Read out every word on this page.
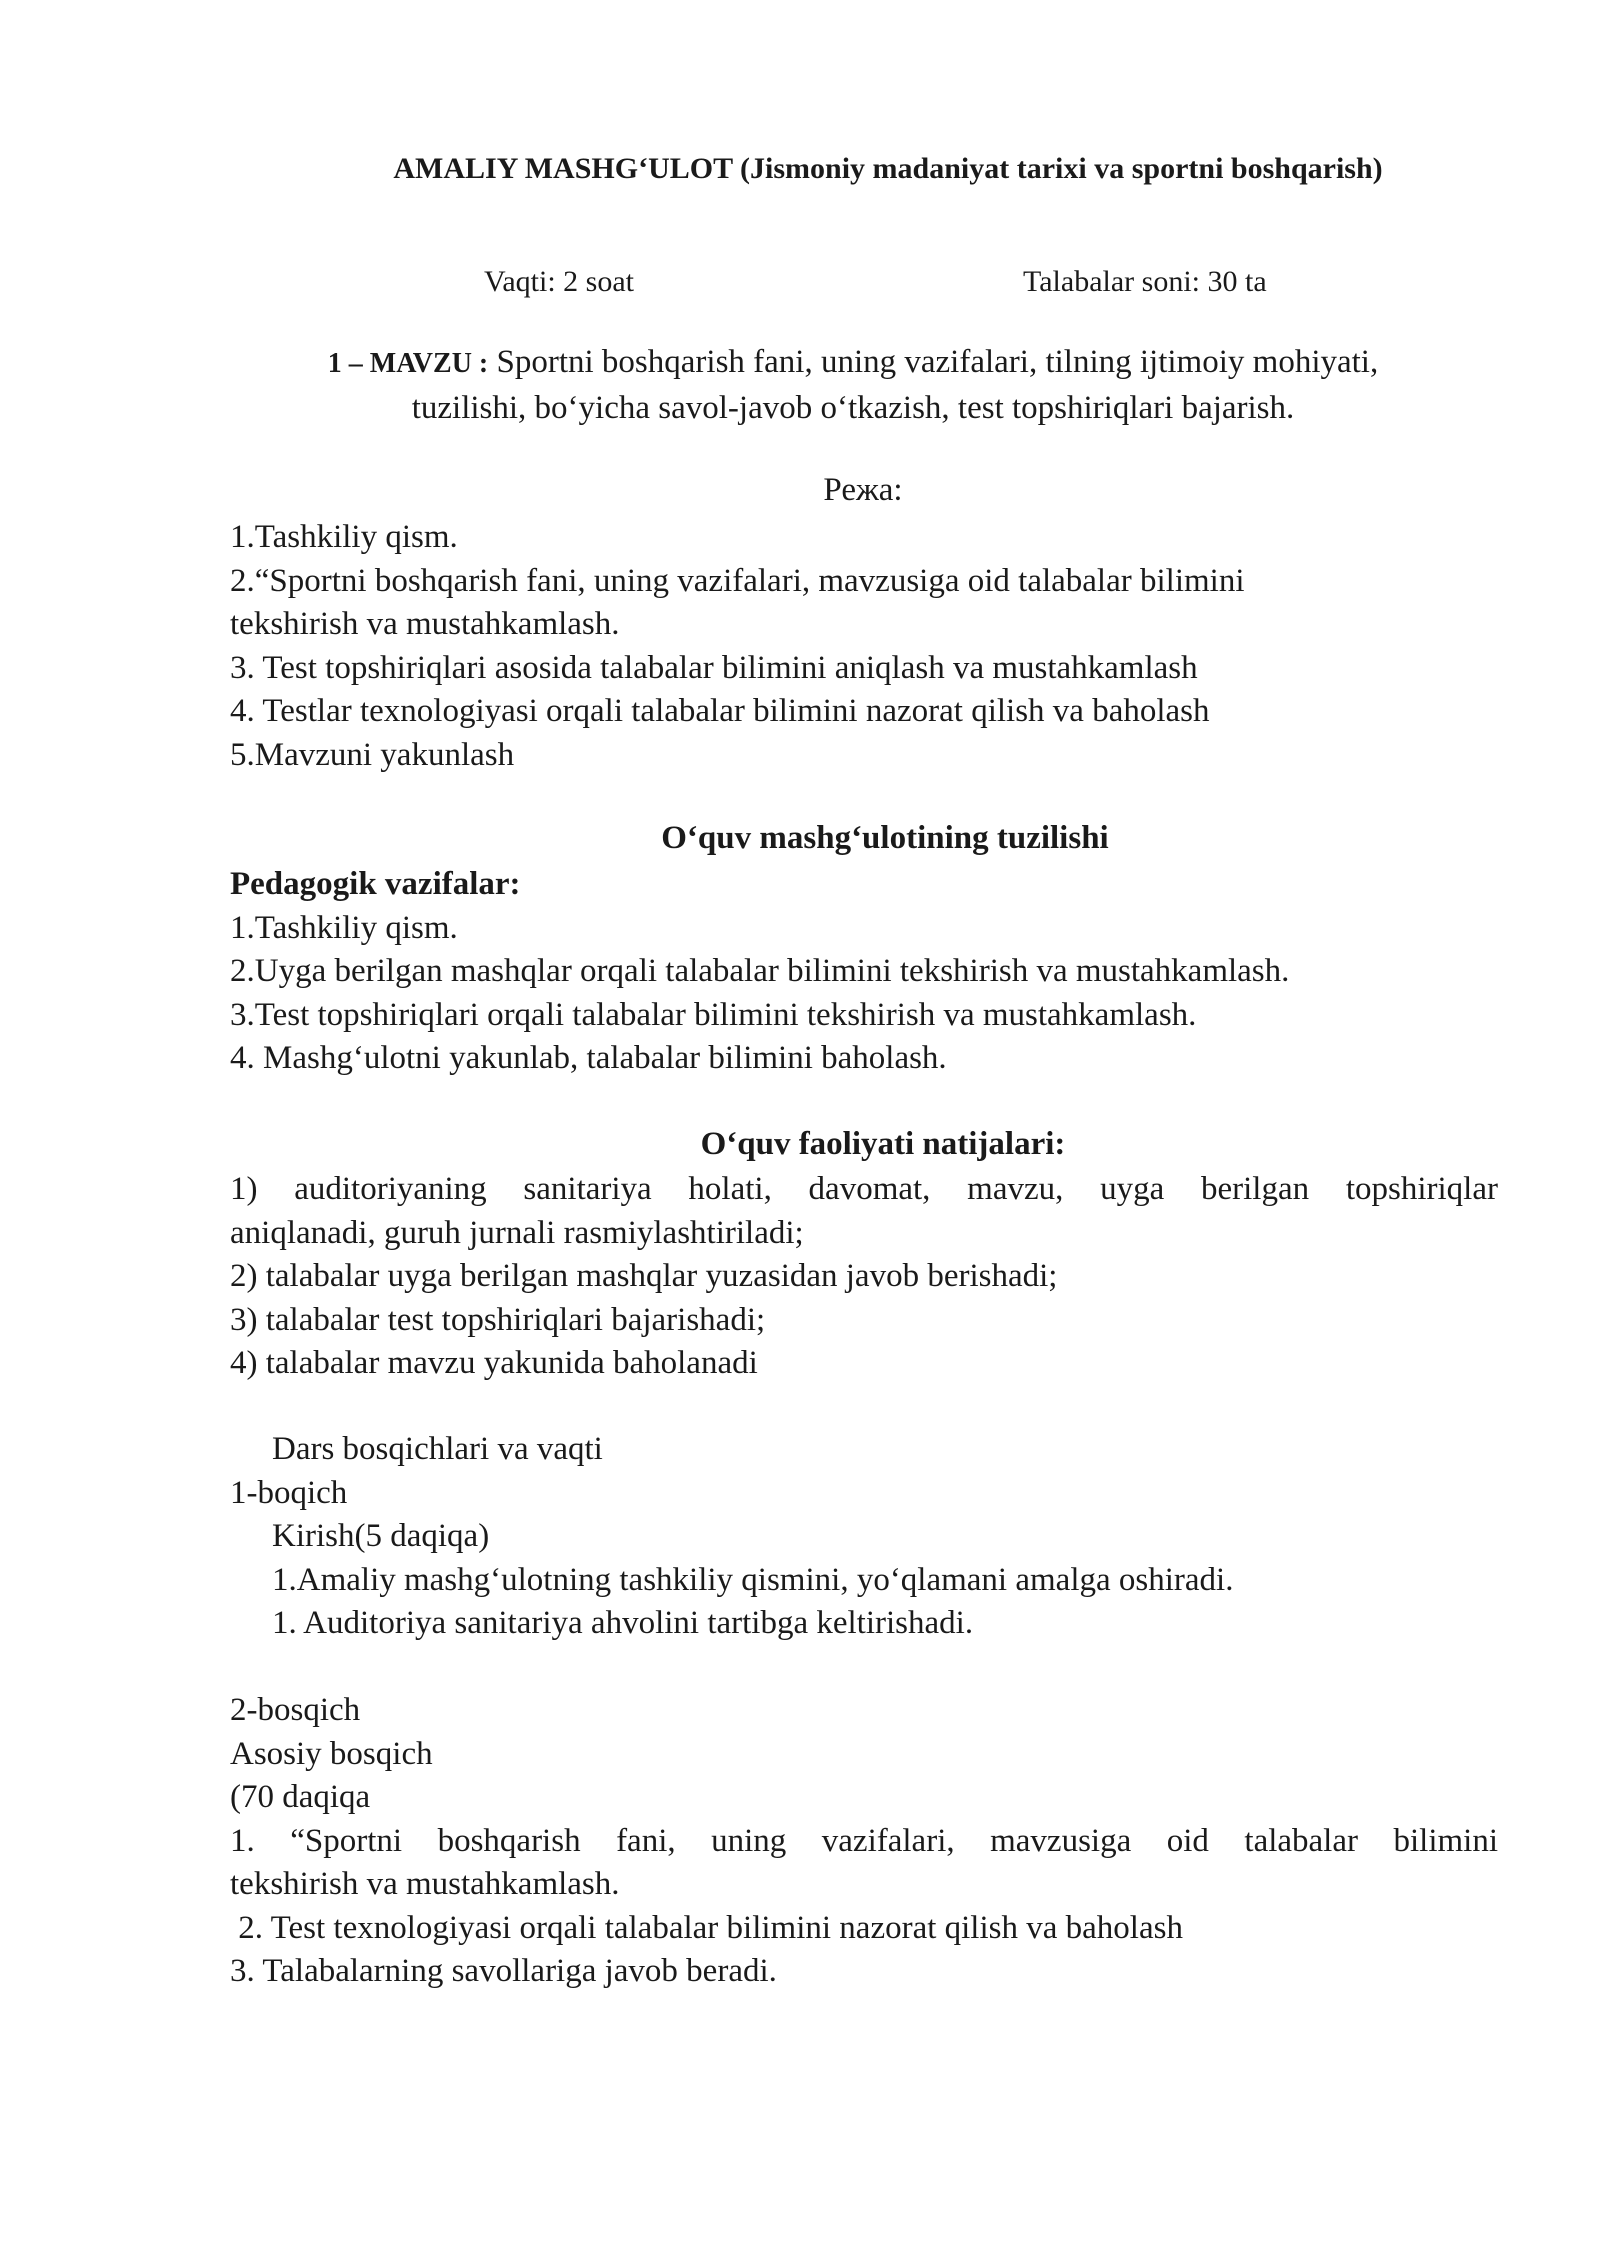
AMALIY MASHG‘ULOT (Jismoniy madaniyat tarixi va sportni boshqarish)
Vaqti: 2 soat	Talabalar soni: 30 ta
1 – MAVZU : Sportni boshqarish fani, uning vazifalari, tilning ijtimoiy mohiyati,
tuzilishi, bo‘yicha savol-javob o‘tkazish, test topshiriqlari bajarish.
Режа:
1.Tashkiliy qism.
2.“Sportni boshqarish fani, uning vazifalari, mavzusiga oid talabalar bilimini
tekshirish va mustahkamlash.
3. Test topshiriqlari asosida talabalar bilimini aniqlash va mustahkamlash
4. Testlar texnologiyasi orqali talabalar bilimini nazorat qilish va baholash
5.Mavzuni yakunlash
O‘quv mashg‘ulotining tuzilishi
Pedagogik vazifalar:
1.Tashkiliy qism.
2.Uyga berilgan mashqlar orqali talabalar bilimini tekshirish va mustahkamlash.
3.Test topshiriqlari orqali talabalar bilimini tekshirish va mustahkamlash.
4. Mashg‘ulotni yakunlab, talabalar bilimini baholash.
O‘quv faoliyati natijalari:
1) auditoriyaning sanitariya holati, davomat, mavzu, uyga berilgan topshiriqlar
aniqlanadi, guruh jurnali rasmiylashtiriladi;
2) talabalar uyga berilgan mashqlar yuzasidan javob berishadi;
3) talabalar test topshiriqlari bajarishadi;
4) talabalar mavzu yakunida baholanadi
Dars bosqichlari va vaqti
1-boqich
Kirish(5 daqiqa)
1.Amaliy mashg‘ulotning tashkiliy qismini, yo‘qlamani amalga oshiradi.
1. Auditoriya sanitariya ahvolini tartibga keltirishadi.
2-bosqich
Asosiy bosqich
(70 daqiqa
1. “Sportni boshqarish fani, uning vazifalari, mavzusiga oid talabalar bilimini
tekshirish va mustahkamlash.
2. Test texnologiyasi orqali talabalar bilimini nazorat qilish va baholash
3. Talabalarning savollariga javob beradi.
